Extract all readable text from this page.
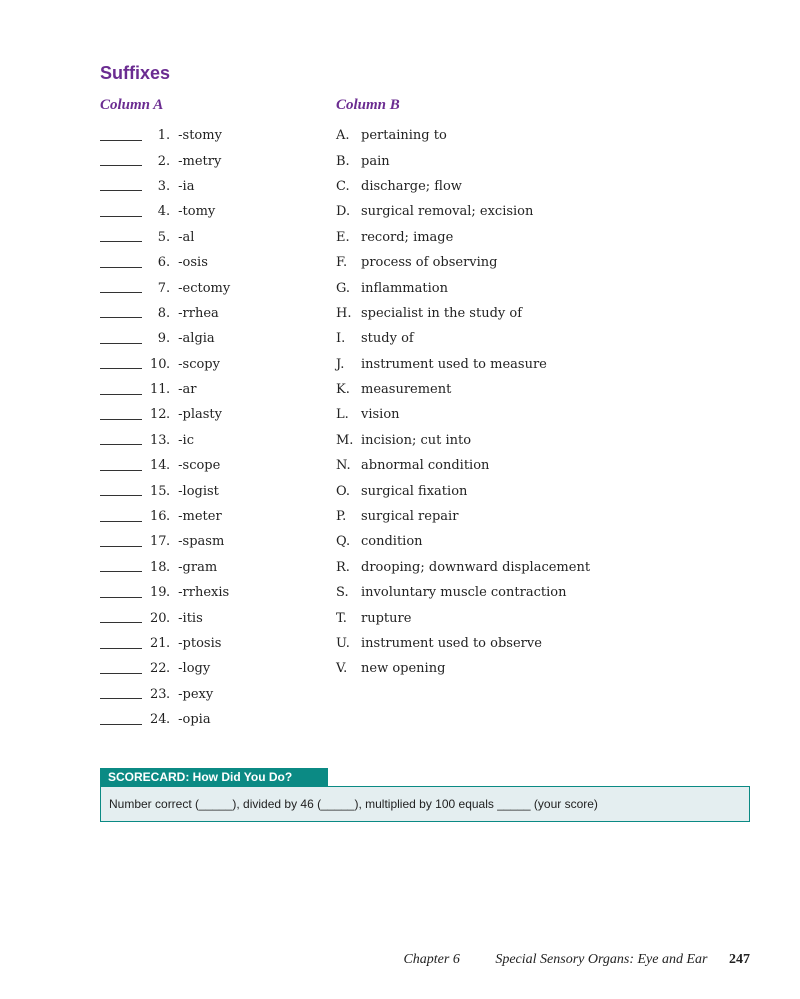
Suffixes
Column A	Column B
1 . -stomy
2 . -metry
3 . -ia
4 . -tomy
5 . -al
6 . -osis
7 . -ectomy
8 . -rrhea
9 . -algia
10 . -scopy
11 . -ar
12 . -plasty
13 . -ic
14 . -scope
15 . -logist
16 . -meter
17 . -spasm
18 . -gram
19 . -rrhexis
20 . -itis
21 . -ptosis
22 . -logy
23 . -pexy
24 . -opia
A. pertaining to
B. pain
C. discharge; flow
D. surgical removal; excision
E. record; image
F.	process of observing
G. inflammation
H. specialist in the study of
I.	study of
J.	instrument used to measure
K. measurement
L. vision
M. incision; cut into
N. abnormal condition
O. surgical fixation
P.	surgical repair
Q. condition
R. drooping; downward displacement
S. involuntary muscle contraction
T.	rupture
U. instrument used to observe
V.	new opening
SCORECARD: How Did You Do?
Number correct (_____), divided by 46 (_____), multiplied by 100 equals _____ (your score)
Chapter 6	Special Sensory Organs: Eye and Ear 247
